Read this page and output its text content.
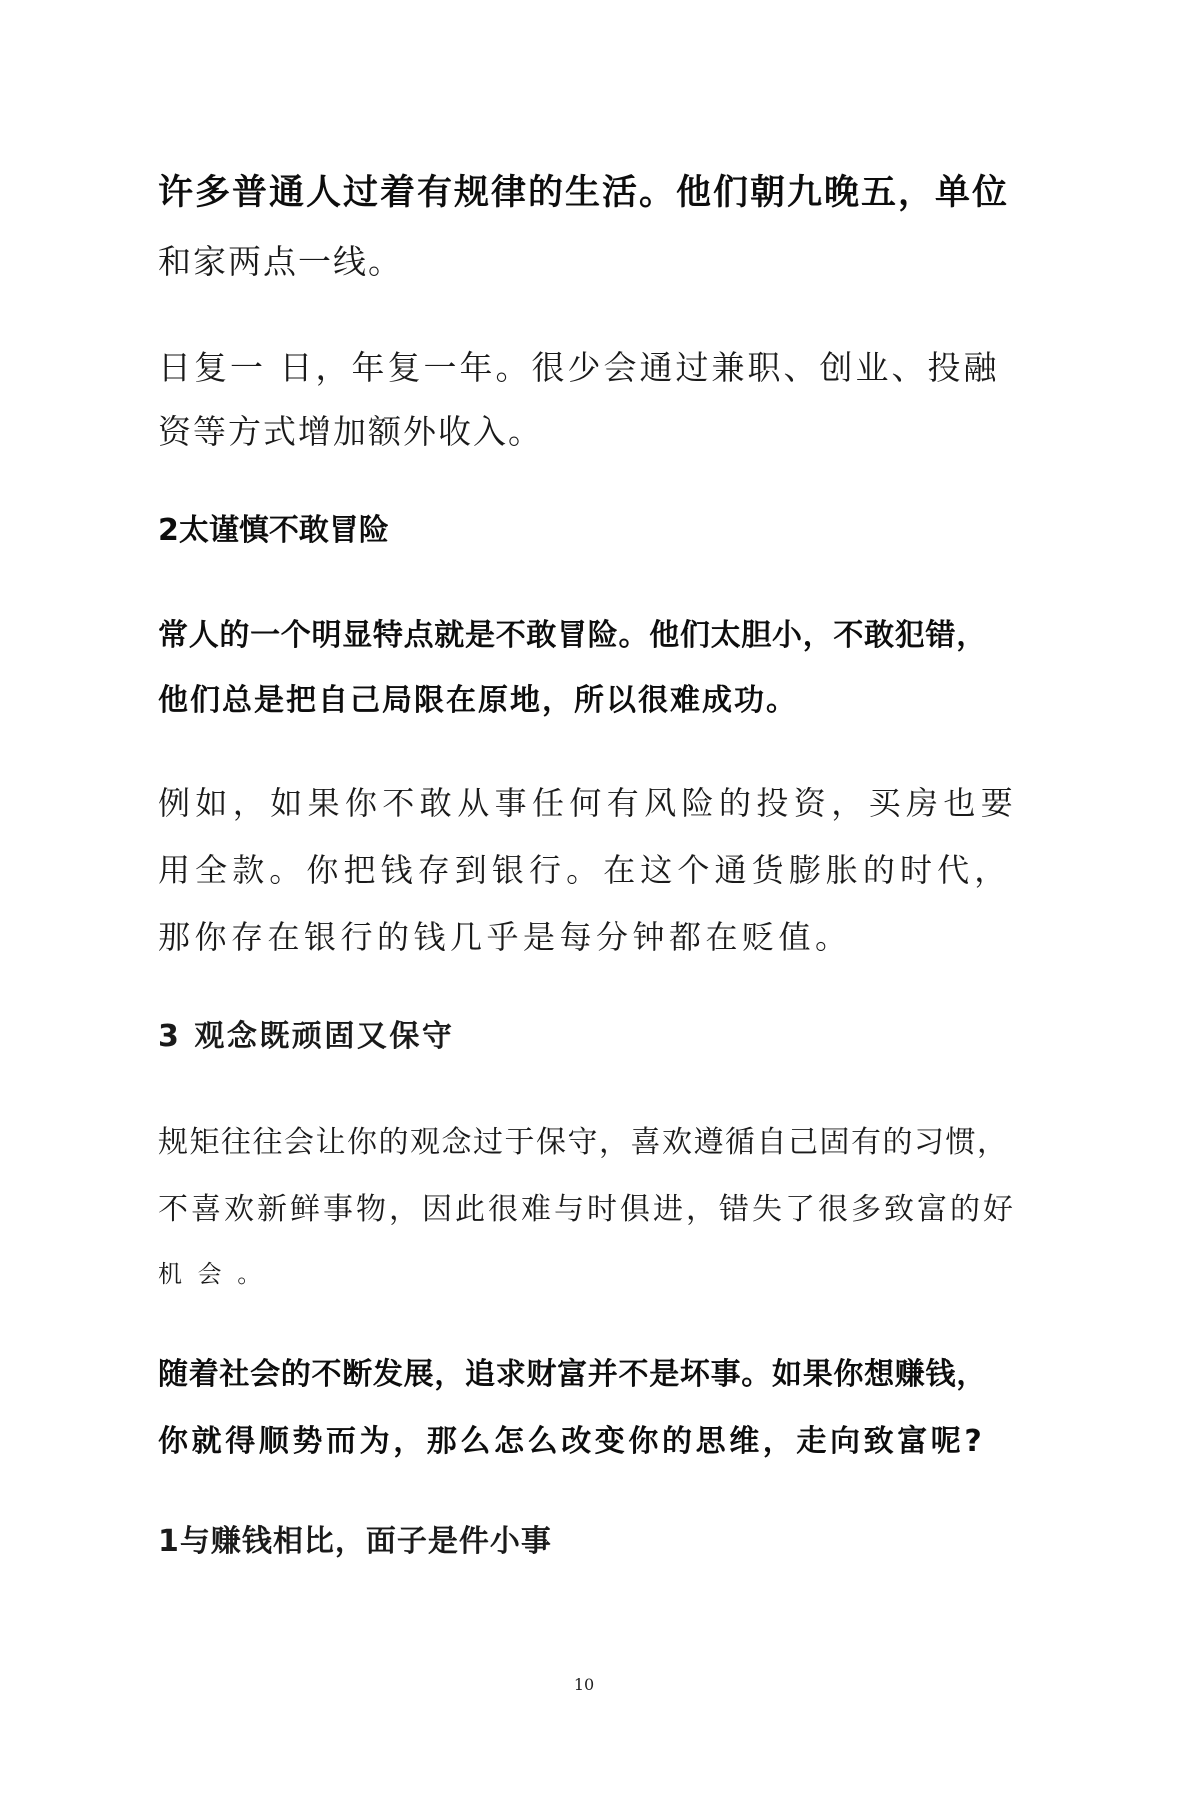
许多普通人过着有规律的生活。他们朝九晚五，单位
和家两点一线。
日复一 日，年复一年。很少会通过兼职、创业、投融
资等方式增加额外收入。
2太谨慎不敢冒险
常人的一个明显特点就是不敢冒险。他们太胆小，不敢犯错，
他们总是把自己局限在原地，所以很难成功。
例如，如果你不敢从事任何有风险的投资，买房也要
用全款。你把钱存到银行。在这个通货膨胀的时代，
那你存在银行的钱几乎是每分钟都在贬值。
3 观念既顽固又保守
规矩往往会让你的观念过于保守，喜欢遵循自己固有的习惯，
不喜欢新鲜事物，因此很难与时俱进，错失了很多致富的好
机 会 。
随着社会的不断发展，追求财富并不是坏事。如果你想赚钱，
你就得顺势而为，那么怎么改变你的思维，走向致富呢?
1与赚钱相比，面子是件小事
10
